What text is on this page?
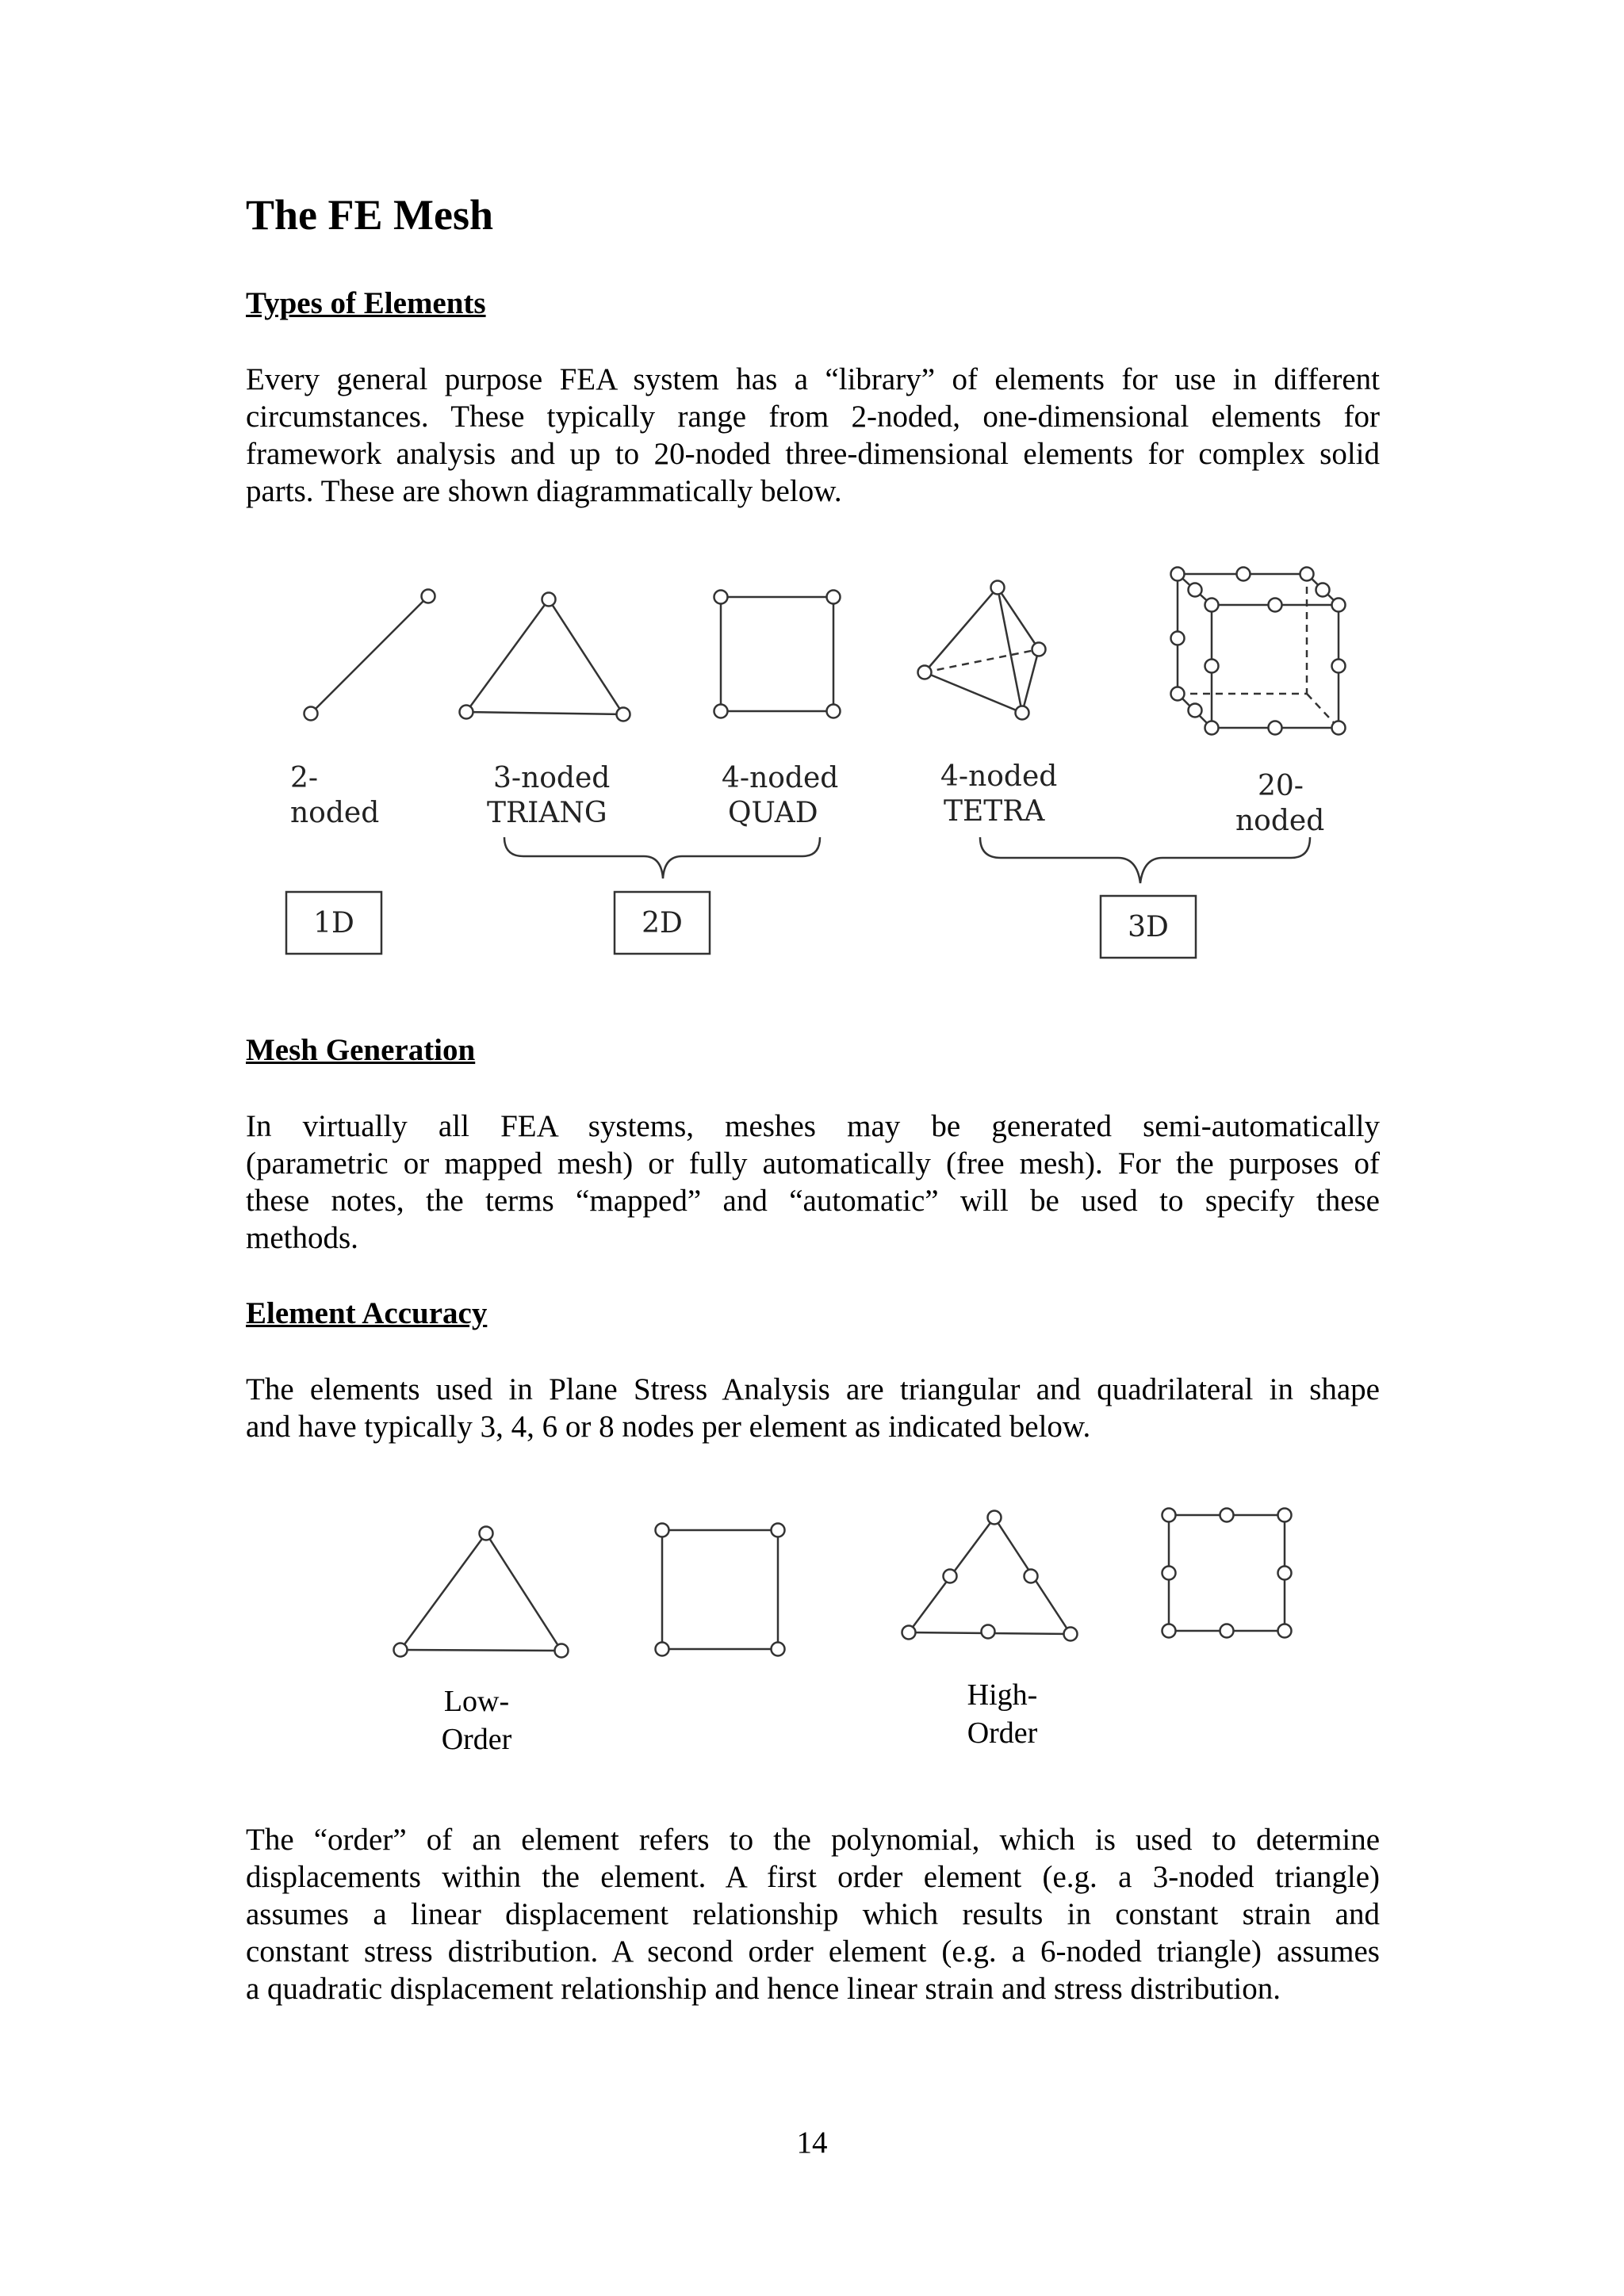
The FE Mesh
Types of Elements
Every general purpose FEA system has a “library” of elements for use in different
circumstances. These typically range from 2-noded, one-dimensional elements for
framework analysis and up to 20-noded three-dimensional elements for complex solid
parts. These are shown diagrammatically below.
2-
noded
3-noded
TRIANG
4-noded
QUAD
4-noded
TETRA
20-
noded
1D	2D	3D
Low-
Order
High-
Order
Mesh Generation
In virtually all FEA systems, meshes may be generated semi-automatically
(parametric or mapped mesh) or fully automatically (free mesh). For the purposes of
these notes, the terms “mapped” and “automatic” will be used to specify these
methods.
Element Accuracy
The elements used in Plane Stress Analysis are triangular and quadrilateral in shape
and have typically 3, 4, 6 or 8 nodes per element as indicated below.
The “order” of an element refers to the polynomial, which is used to determine
displacements within the element. A first order element (e.g. a 3-noded triangle)
assumes a linear displacement relationship which results in constant strain and
constant stress distribution. A second order element (e.g. a 6-noded triangle) assumes
a quadratic displacement relationship and hence linear strain and stress distribution.
14
